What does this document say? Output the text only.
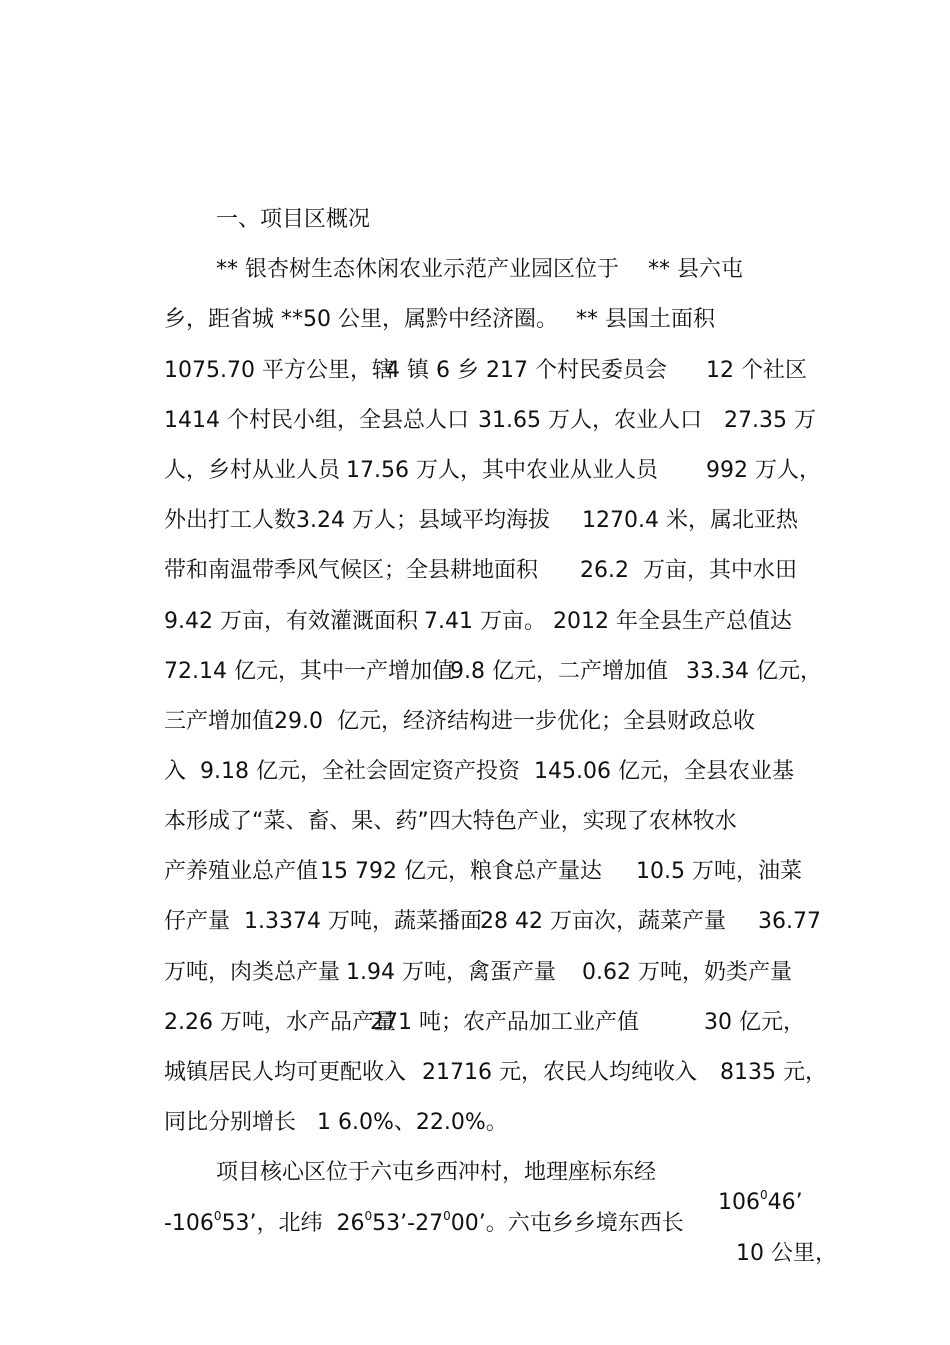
一、项目区概况

** 银杏树生态休闲农业示范产业园区位于 ** 县六屯

乡，距省城 **50 公里，属黔中经济圈。 ** 县国土面积

1075.70 平方公里，辖
4 镇 6 乡 217 个村民委员会 12 个社区

1414 个村民小组，全县总人口 31.65 万人，农业人口 27.35 万

人，乡村从业人员 17.56 万人，其中农业从业人员 992 万人，

外出打工人数 3.24 万人；县域平均海拔 1270.4 米，属北亚热

带和南温带季风气候区；全县耕地面积 26.2  万亩，其中水田

9.42 万亩，有效灌溉面积 7.41 万亩。 2012 年全县生产总值达

72.14 亿元，其中一产增加值
9.8 亿元，二产增加值 33.34 亿元，

三产增加值 29.0  亿元，经济结构进一步优化；全县财政总收

入  9.18 亿元，全社会固定资产投资 145.06 亿元，全县农业基

本形成了“菜、畜、果、药”四大特色产业，实现了农林牧水

产养殖业总产值 15 792 亿元，粮食总产量达 10.5 万吨，油菜

仔产量  1.3374 万吨，蔬菜播面
28 42 万亩次，蔬菜产量 36.77

万吨，肉类总产量 1.94 万吨，禽蛋产量 0.62 万吨，奶类产量

2.26 万吨，水产品产量
271 吨；农产品加工业产值	30 亿元，

城镇居民人均可更配收入 21716 元，农民人均纯收入 8135 元，

同比分别增长   1 6.0%、22.0%。

项目核心区位于六屯乡西冲村，地理座标东经

$106^046$’

$-106^053$’，北纬  $26^053’-27^000$’。六屯乡乡境东西长

10 公里，
